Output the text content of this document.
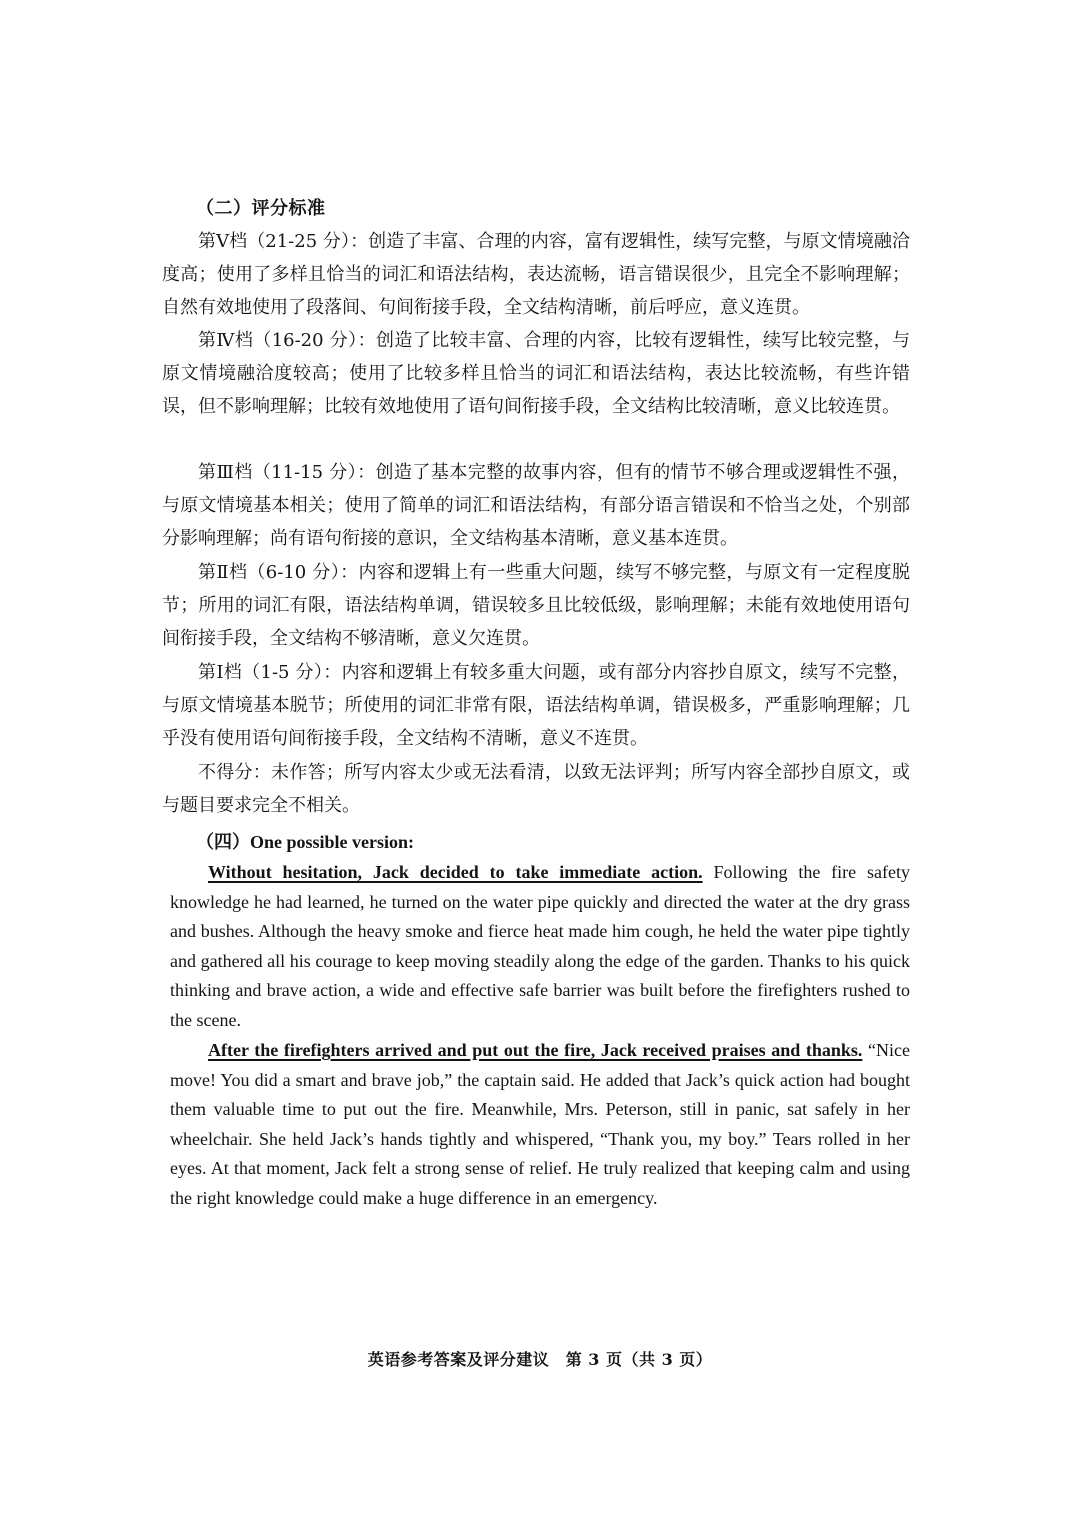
（二）评分标准

第Ⅴ档（21-25 分）：创造了丰富、合理的内容，富有逻辑性，续写完整，与原文情境融洽度高；使用了多样且恰当的词汇和语法结构，表达流畅，语言错误很少，且完全不影响理解；自然有效地使用了段落间、句间衔接手段，全文结构清晰，前后呼应，意义连贯。

第Ⅳ档（16-20 分）：创造了比较丰富、合理的内容，比较有逻辑性，续写比较完整，与原文情境融洽度较高；使用了比较多样且恰当的词汇和语法结构，表达比较流畅，有些许错误，但不影响理解；比较有效地使用了语句间衔接手段，全文结构比较清晰，意义比较连贯。

第Ⅲ档（11-15 分）：创造了基本完整的故事内容，但有的情节不够合理或逻辑性不强，与原文情境基本相关；使用了简单的词汇和语法结构，有部分语言错误和不恰当之处，个别部分影响理解；尚有语句衔接的意识，全文结构基本清晰，意义基本连贯。

第Ⅱ档（6-10 分）：内容和逻辑上有一些重大问题，续写不够完整，与原文有一定程度脱节；所用的词汇有限，语法结构单调，错误较多且比较低级，影响理解；未能有效地使用语句间衔接手段，全文结构不够清晰，意义欠连贯。

第Ⅰ档（1-5 分）：内容和逻辑上有较多重大问题，或有部分内容抄自原文，续写不完整，与原文情境基本脱节；所使用的词汇非常有限，语法结构单调，错误极多，严重影响理解；几乎没有使用语句间衔接手段，全文结构不清晰，意义不连贯。

不得分：未作答；所写内容太少或无法看清，以致无法评判；所写内容全部抄自原文，或与题目要求完全不相关。

（四）One possible version:

Without hesitation, Jack decided to take immediate action. Following the fire safety knowledge he had learned, he turned on the water pipe quickly and directed the water at the dry grass and bushes. Although the heavy smoke and fierce heat made him cough, he held the water pipe tightly and gathered all his courage to keep moving steadily along the edge of the garden. Thanks to his quick thinking and brave action, a wide and effective safe barrier was built before the firefighters rushed to the scene.

After the firefighters arrived and put out the fire, Jack received praises and thanks. “Nice move! You did a smart and brave job,” the captain said. He added that Jack’s quick action had bought them valuable time to put out the fire. Meanwhile, Mrs. Peterson, still in panic, sat safely in her wheelchair. She held Jack’s hands tightly and whispered, “Thank you, my boy.” Tears rolled in her eyes. At that moment, Jack felt a strong sense of relief. He truly realized that keeping calm and using the right knowledge could make a huge difference in an emergency.

英语参考答案及评分建议　第 3 页（共 3 页）
